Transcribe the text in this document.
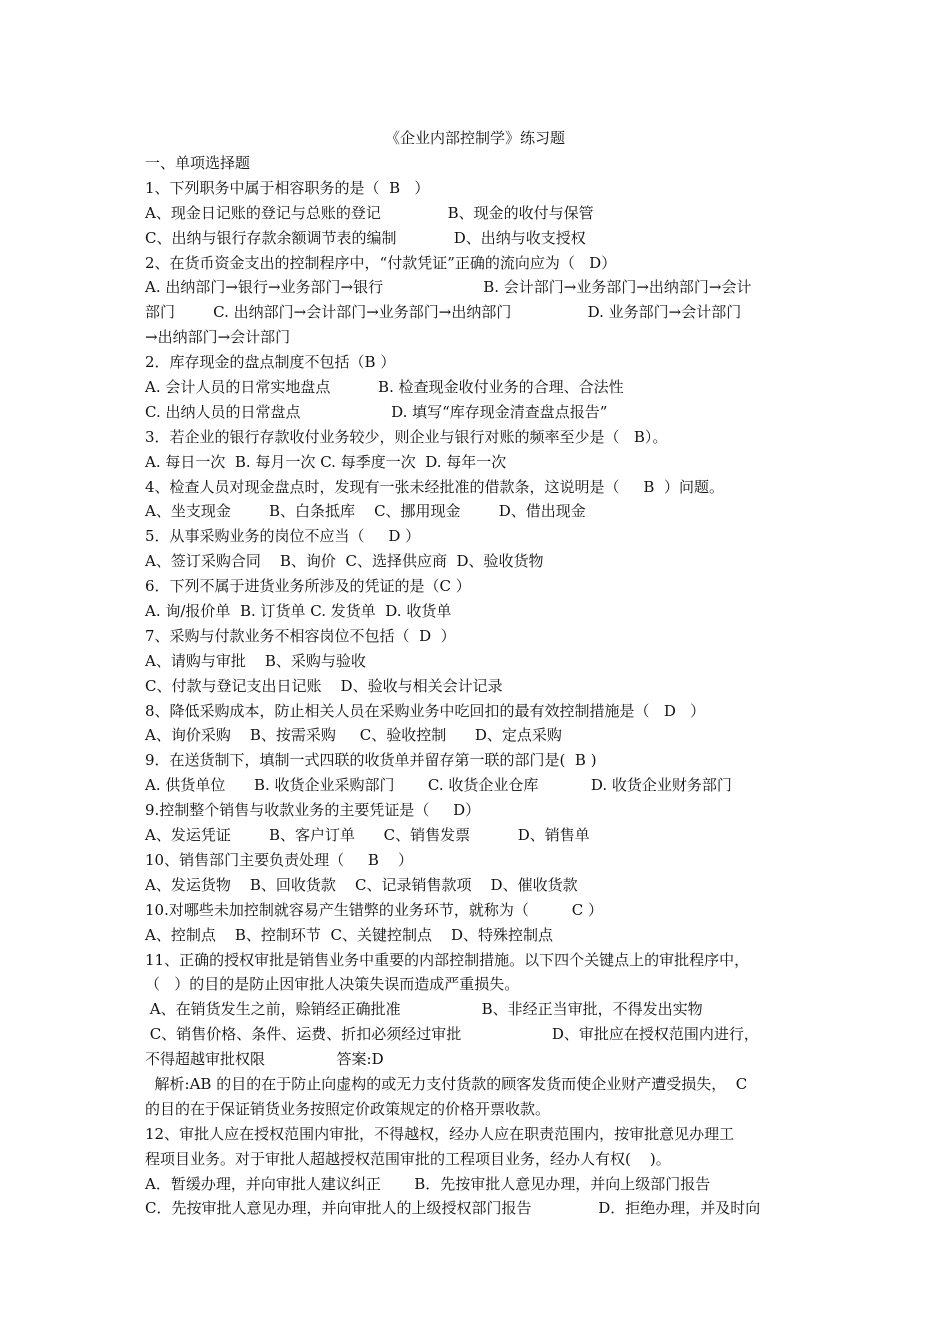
《企业内部控制学》练习题
一、单项选择题
1、下列职务中属于相容职务的是（  B   ）
A、现金日记账的登记与总账的登记              B、现金的收付与保管
C、出纳与银行存款余额调节表的编制            D、出纳与收支授权
2、在货币资金支出的控制程序中，“付款凭证”正确的流向应为（   D）
A. 出纳部门→银行→业务部门→银行                     B. 会计部门→业务部门→出纳部门→会计
部门        C. 出纳部门→会计部门→业务部门→出纳部门                D. 业务部门→会计部门
→出纳部门→会计部门
2．库存现金的盘点制度不包括（B ）
A. 会计人员的日常实地盘点          B. 检查现金收付业务的合理、合法性
C. 出纳人员的日常盘点                   D. 填写“库存现金清查盘点报告”
3．若企业的银行存款收付业务较少，则企业与银行对账的频率至少是（   B）。
A. 每日一次  B. 每月一次 C. 每季度一次  D. 每年一次
4、检查人员对现金盘点时，发现有一张未经批准的借款条，这说明是（     B  ）问题。
A、坐支现金        B、白条抵库    C、挪用现金        D、借出现金
5．从事采购业务的岗位不应当（     D ）
A、签订采购合同    B、询价  C、选择供应商  D、验收货物
6．下列不属于进货业务所涉及的凭证的是（C ）
A. 询/报价单  B. 订货单 C. 发货单  D. 收货单
7、采购与付款业务不相容岗位不包括（  D  ）
A、请购与审批    B、采购与验收
C、付款与登记支出日记账    D、验收与相关会计记录
8、降低采购成本，防止相关人员在采购业务中吃回扣的最有效控制措施是（   D   ）
A、询价采购    B、按需采购     C、验收控制      D、定点采购
9．在送货制下，填制一式四联的收货单并留存第一联的部门是(  B )
A. 供货单位      B. 收货企业采购部门       C. 收货企业仓库           D. 收货企业财务部门
9.控制整个销售与收款业务的主要凭证是（     D）
A、发运凭证        B、客户订单      C、销售发票          D、销售单
10、销售部门主要负责处理（     B    ）
A、发运货物    B、回收货款    C、记录销售款项    D、催收货款
10.对哪些未加控制就容易产生错弊的业务环节，就称为（         C ）
A、控制点    B、控制环节  C、关键控制点    D、特殊控制点
11、正确的授权审批是销售业务中重要的内部控制措施。以下四个关键点上的审批程序中，
（   ）的目的是防止因审批人决策失误而造成严重损失。
A、在销货发生之前，赊销经正确批准                 B、非经正当审批，不得发出实物
C、销售价格、条件、运费、折扣必须经过审批                   D、审批应在授权范围内进行，
不得超越审批权限               答案:D
解析:AB 的目的在于防止向虚构的或无力支付货款的顾客发货而使企业财产遭受损失，  C
的目的在于保证销货业务按照定价政策规定的价格开票收款。
12、审批人应在授权范围内审批，不得越权，经办人应在职责范围内，按审批意见办理工
程项目业务。对于审批人超越授权范围审批的工程项目业务，经办人有权(    )。
A．暂缓办理，并向审批人建议纠正       B．先按审批人意见办理，并向上级部门报告
C．先按审批人意见办理，并向审批人的上级授权部门报告              D．拒绝办理，并及时向
